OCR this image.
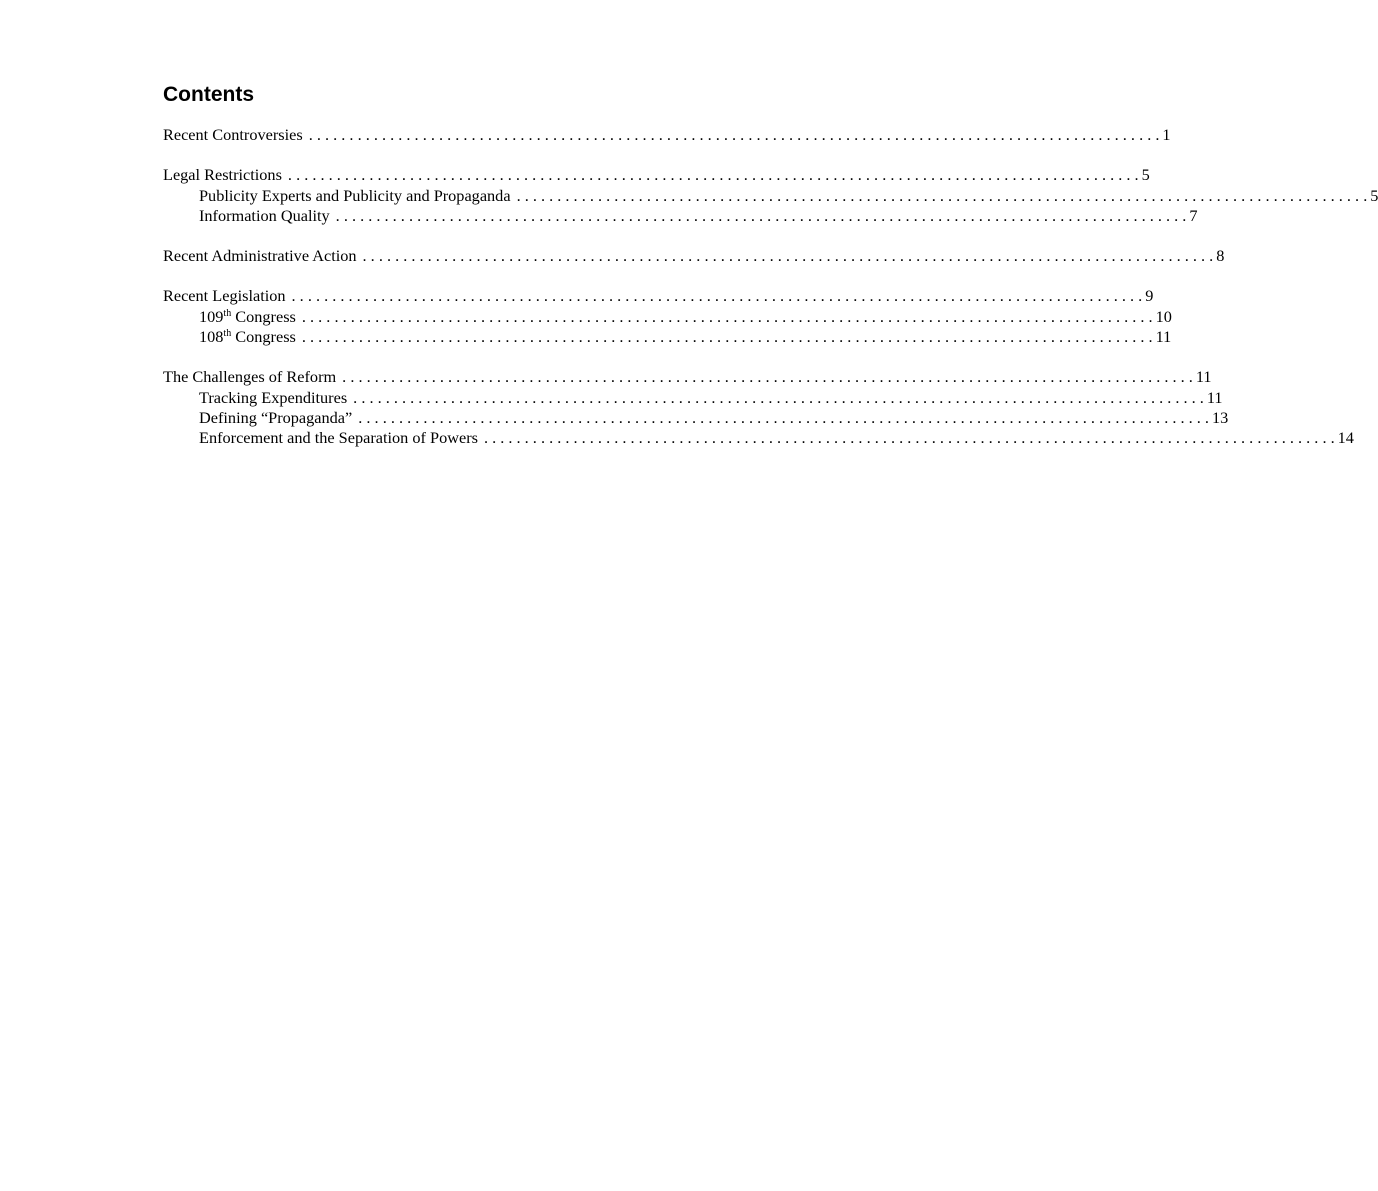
Contents
Recent Controversies . . . . . . . . . . . . . . . . . . . . . . . . . . . . . . . . . . . . . . . . . . . . . . . . . . . . . . . . . . . . . . . . . . . . . . . . . . . . . . . . . . . . . . . . . . . . . . . . . . . . . . . . . 1
Legal Restrictions . . . . . . . . . . . . . . . . . . . . . . . . . . . . . . . . . . . . . . . . . . . . . . . . . . . . . . . . . . . . . . . . . . . . . . . . . . . . . . . . . . . . . . . . . . . . . . . . . . . . . . . . . 5
Publicity Experts and Publicity and Propaganda . . . . . . . . . . . . . . . . . . . . . . . . . . . . . . . . . . . . . . . . . . . . . . . . . . . . . . . . . . . . . . . . . . . . . . . . . . . . . . . . . . . . . . . . . . . . . . . . . . . . . . . . . 5
Information Quality . . . . . . . . . . . . . . . . . . . . . . . . . . . . . . . . . . . . . . . . . . . . . . . . . . . . . . . . . . . . . . . . . . . . . . . . . . . . . . . . . . . . . . . . . . . . . . . . . . . . . . . . . 7
Recent Administrative Action . . . . . . . . . . . . . . . . . . . . . . . . . . . . . . . . . . . . . . . . . . . . . . . . . . . . . . . . . . . . . . . . . . . . . . . . . . . . . . . . . . . . . . . . . . . . . . . . . . . . . . . . . 8
Recent Legislation . . . . . . . . . . . . . . . . . . . . . . . . . . . . . . . . . . . . . . . . . . . . . . . . . . . . . . . . . . . . . . . . . . . . . . . . . . . . . . . . . . . . . . . . . . . . . . . . . . . . . . . . . 9
109th Congress . . . . . . . . . . . . . . . . . . . . . . . . . . . . . . . . . . . . . . . . . . . . . . . . . . . . . . . . . . . . . . . . . . . . . . . . . . . . . . . . . . . . . . . . . . . . . . . . . . . . . . . . . 10
108th Congress . . . . . . . . . . . . . . . . . . . . . . . . . . . . . . . . . . . . . . . . . . . . . . . . . . . . . . . . . . . . . . . . . . . . . . . . . . . . . . . . . . . . . . . . . . . . . . . . . . . . . . . . . 11
The Challenges of Reform . . . . . . . . . . . . . . . . . . . . . . . . . . . . . . . . . . . . . . . . . . . . . . . . . . . . . . . . . . . . . . . . . . . . . . . . . . . . . . . . . . . . . . . . . . . . . . . . . . . . . . . . . 11
Tracking Expenditures . . . . . . . . . . . . . . . . . . . . . . . . . . . . . . . . . . . . . . . . . . . . . . . . . . . . . . . . . . . . . . . . . . . . . . . . . . . . . . . . . . . . . . . . . . . . . . . . . . . . . . . . . 11
Defining “Propaganda” . . . . . . . . . . . . . . . . . . . . . . . . . . . . . . . . . . . . . . . . . . . . . . . . . . . . . . . . . . . . . . . . . . . . . . . . . . . . . . . . . . . . . . . . . . . . . . . . . . . . . . . . . 13
Enforcement and the Separation of Powers . . . . . . . . . . . . . . . . . . . . . . . . . . . . . . . . . . . . . . . . . . . . . . . . . . . . . . . . . . . . . . . . . . . . . . . . . . . . . . . . . . . . . . . . . . . . . . . . . . . . . . . . . 14
